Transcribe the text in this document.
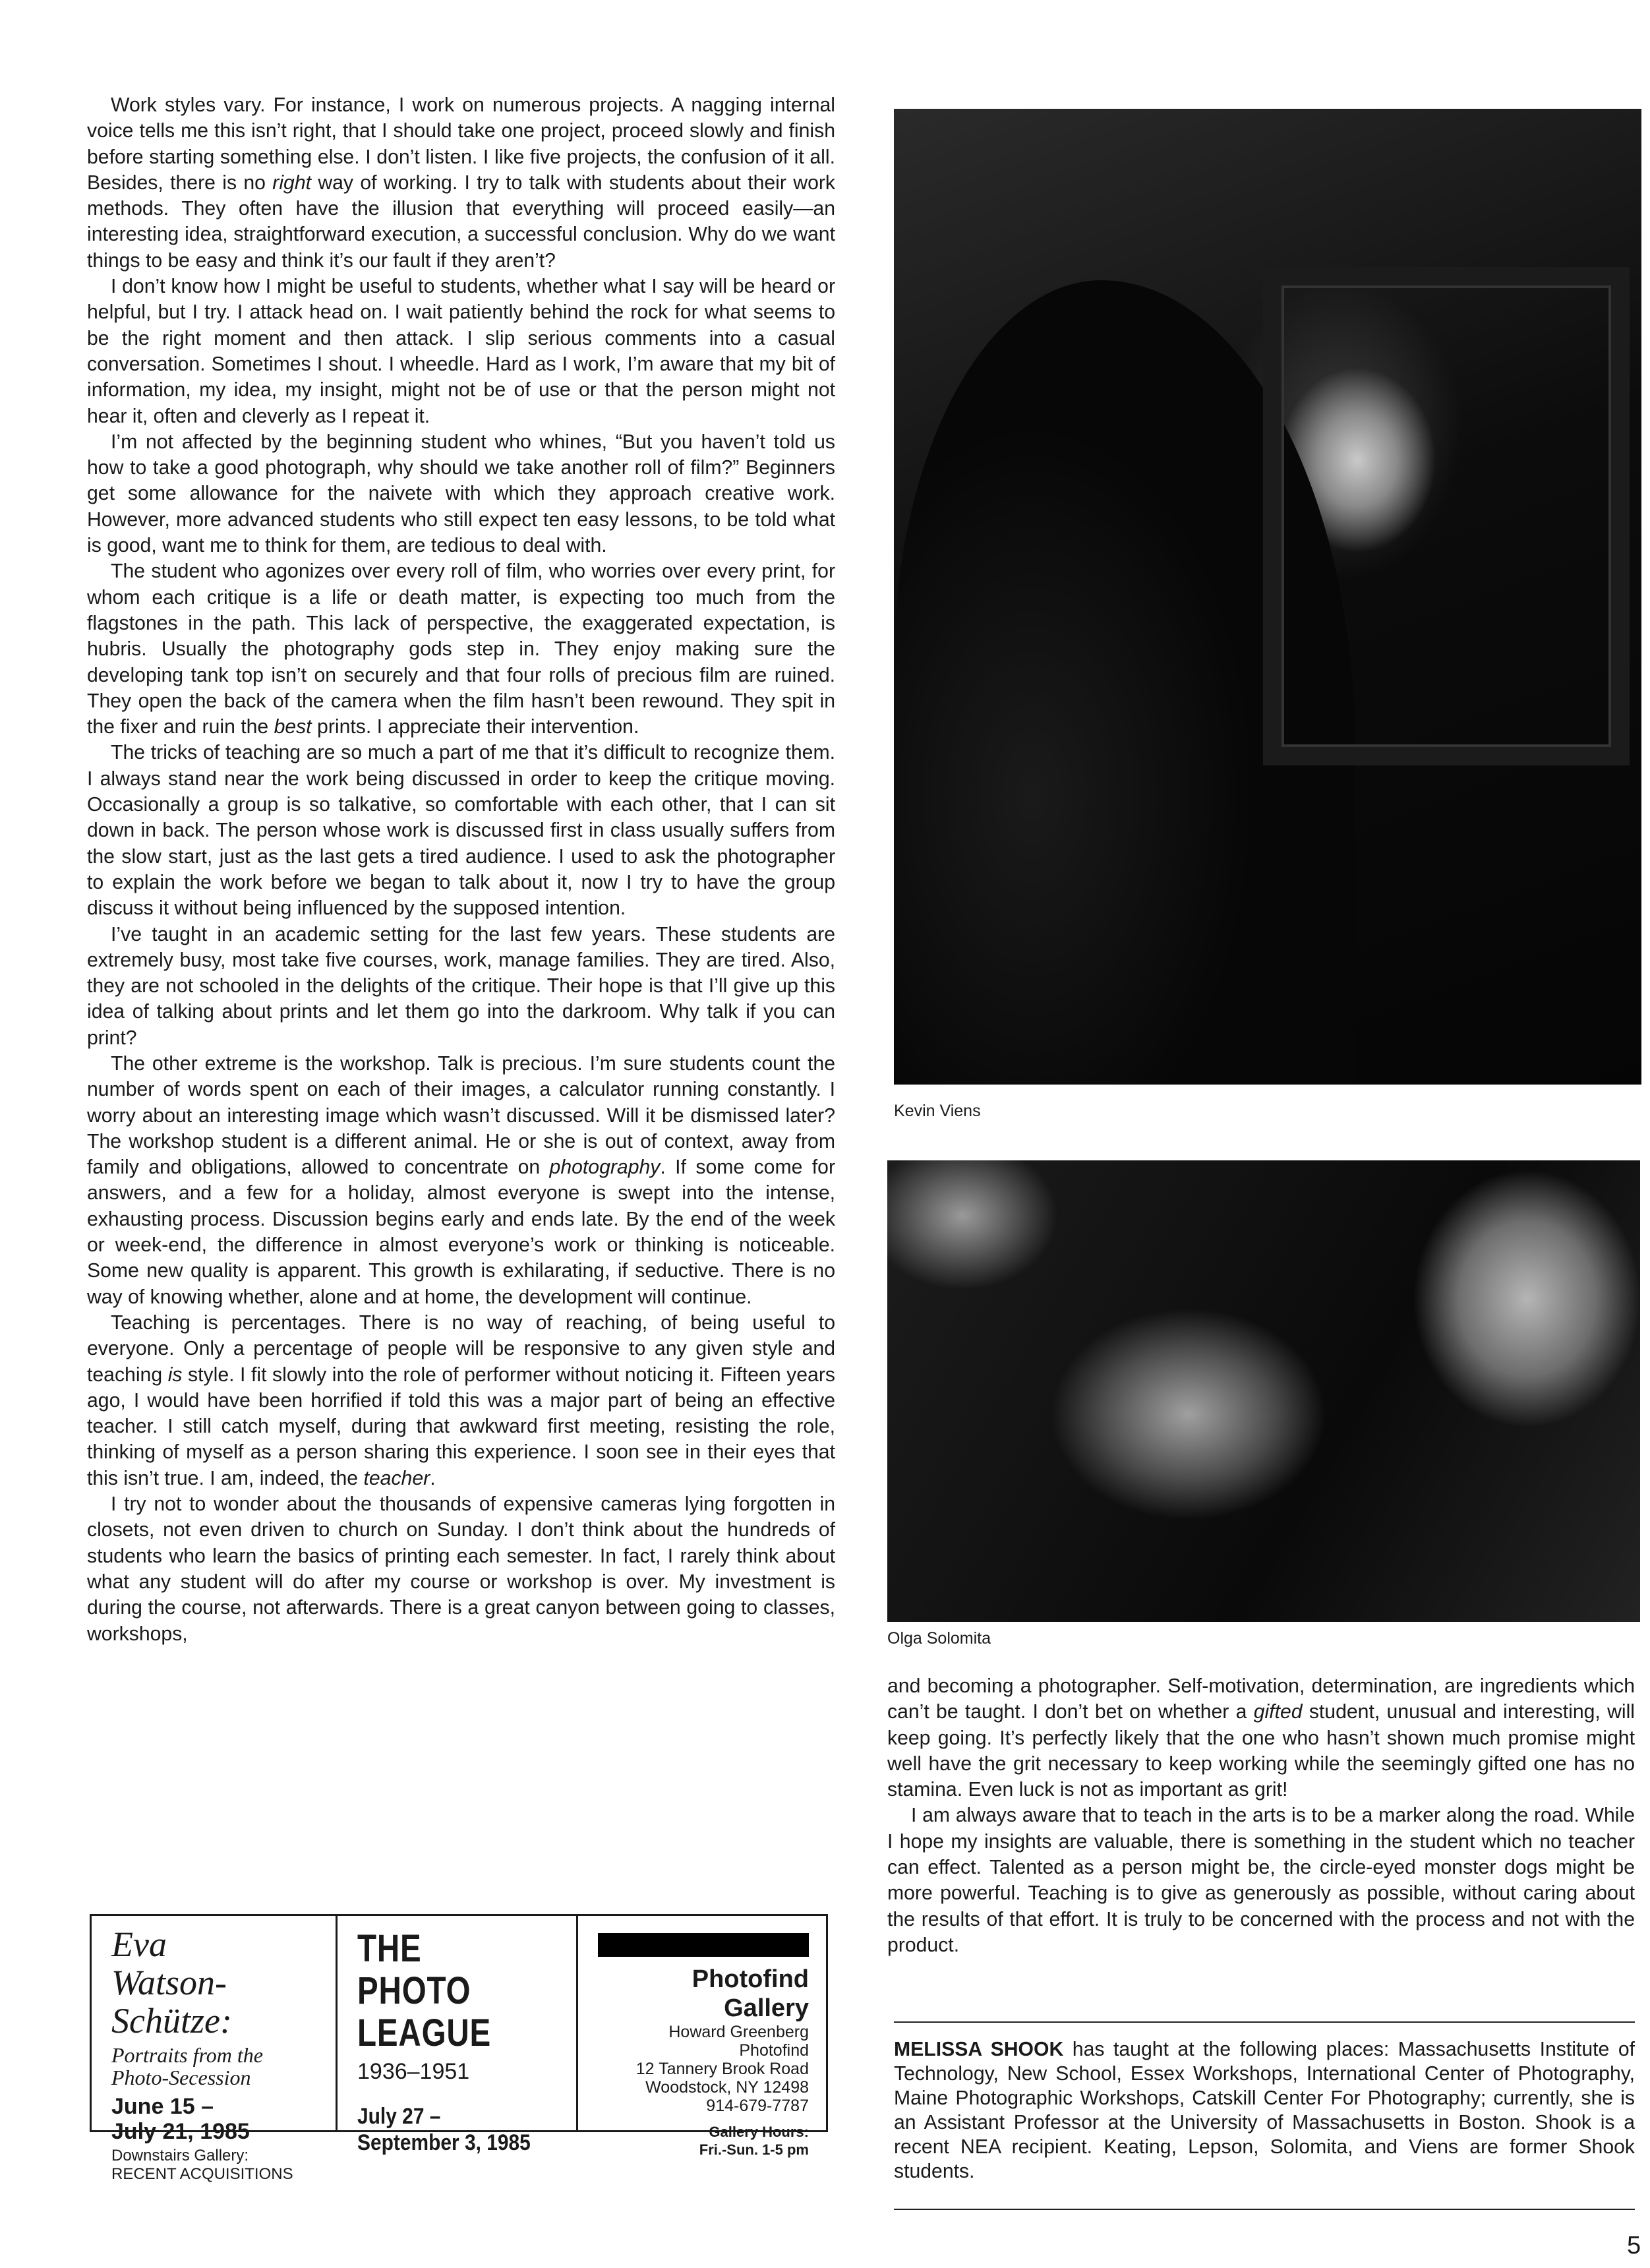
Work styles vary. For instance, I work on numerous projects. A nagging internal voice tells me this isn’t right, that I should take one project, proceed slowly and finish before starting something else. I don’t listen. I like five projects, the confusion of it all. Besides, there is no right way of working. I try to talk with students about their work methods. They often have the illusion that everything will proceed easily—an interesting idea, straightforward execution, a successful conclusion. Why do we want things to be easy and think it’s our fault if they aren’t?

I don’t know how I might be useful to students, whether what I say will be heard or helpful, but I try. I attack head on. I wait patiently behind the rock for what seems to be the right moment and then attack. I slip serious comments into a casual conversation. Sometimes I shout. I wheedle. Hard as I work, I’m aware that my bit of information, my idea, my insight, might not be of use or that the person might not hear it, often and cleverly as I repeat it.

I’m not affected by the beginning student who whines, “But you haven’t told us how to take a good photograph, why should we take another roll of film?” Beginners get some allowance for the naivete with which they approach creative work. However, more advanced students who still expect ten easy lessons, to be told what is good, want me to think for them, are tedious to deal with.

The student who agonizes over every roll of film, who worries over every print, for whom each critique is a life or death matter, is expecting too much from the flagstones in the path. This lack of perspective, the exaggerated expectation, is hubris. Usually the photography gods step in. They enjoy making sure the developing tank top isn’t on securely and that four rolls of precious film are ruined. They open the back of the camera when the film hasn’t been rewound. They spit in the fixer and ruin the best prints. I appreciate their intervention.

The tricks of teaching are so much a part of me that it’s difficult to recognize them. I always stand near the work being discussed in order to keep the critique moving. Occasionally a group is so talkative, so comfortable with each other, that I can sit down in back. The person whose work is discussed first in class usually suffers from the slow start, just as the last gets a tired audience. I used to ask the photographer to explain the work before we began to talk about it, now I try to have the group discuss it without being influenced by the supposed intention.

I’ve taught in an academic setting for the last few years. These students are extremely busy, most take five courses, work, manage families. They are tired. Also, they are not schooled in the delights of the critique. Their hope is that I’ll give up this idea of talking about prints and let them go into the darkroom. Why talk if you can print?

The other extreme is the workshop. Talk is precious. I’m sure students count the number of words spent on each of their images, a calculator running constantly. I worry about an interesting image which wasn’t discussed. Will it be dismissed later? The workshop student is a different animal. He or she is out of context, away from family and obligations, allowed to concentrate on photography. If some come for answers, and a few for a holiday, almost everyone is swept into the intense, exhausting process. Discussion begins early and ends late. By the end of the week or week-end, the difference in almost everyone’s work or thinking is noticeable. Some new quality is apparent. This growth is exhilarating, if seductive. There is no way of knowing whether, alone and at home, the development will continue.

Teaching is percentages. There is no way of reaching, of being useful to everyone. Only a percentage of people will be responsive to any given style and teaching is style. I fit slowly into the role of performer without noticing it. Fifteen years ago, I would have been horrified if told this was a major part of being an effective teacher. I still catch myself, during that awkward first meeting, resisting the role, thinking of myself as a person sharing this experience. I soon see in their eyes that this isn’t true. I am, indeed, the teacher.

I try not to wonder about the thousands of expensive cameras lying forgotten in closets, not even driven to church on Sunday. I don’t think about the hundreds of students who learn the basics of printing each semester. In fact, I rarely think about what any student will do after my course or workshop is over. My investment is during the course, not afterwards. There is a great canyon between going to classes, workshops,

Kevin Viens
Olga Solomita

and becoming a photographer. Self-motivation, determination, are ingredients which can’t be taught. I don’t bet on whether a gifted student, unusual and interesting, will keep going. It’s perfectly likely that the one who hasn’t shown much promise might well have the grit necessary to keep working while the seemingly gifted one has no stamina. Even luck is not as important as grit!

I am always aware that to teach in the arts is to be a marker along the road. While I hope my insights are valuable, there is something in the student which no teacher can effect. Talented as a person might be, the circle-eyed monster dogs might be more powerful. Teaching is to give as generously as possible, without caring about the results of that effort. It is truly to be concerned with the process and not with the product.

MELISSA SHOOK has taught at the following places: Massachusetts Institute of Technology, New School, Essex Workshops, International Center of Photography, Maine Photographic Workshops, Catskill Center For Photography; currently, she is an Assistant Professor at the University of Massachusetts in Boston. Shook is a recent NEA recipient. Keating, Lepson, Solomita, and Viens are former Shook students.
Eva
Watson-
Schütze:
Portraits from the
Photo-Secession
June 15 –
July 21, 1985
Downstairs Gallery:
RECENT ACQUISITIONS
THE
PHOTO
LEAGUE
1936–1951
July 27 –
September 3, 1985
Photofind
Gallery
Howard Greenberg
Photofind
12 Tannery Brook Road
Woodstock, NY 12498
914-679-7787
Gallery Hours:
Fri.-Sun. 1-5 pm
5
